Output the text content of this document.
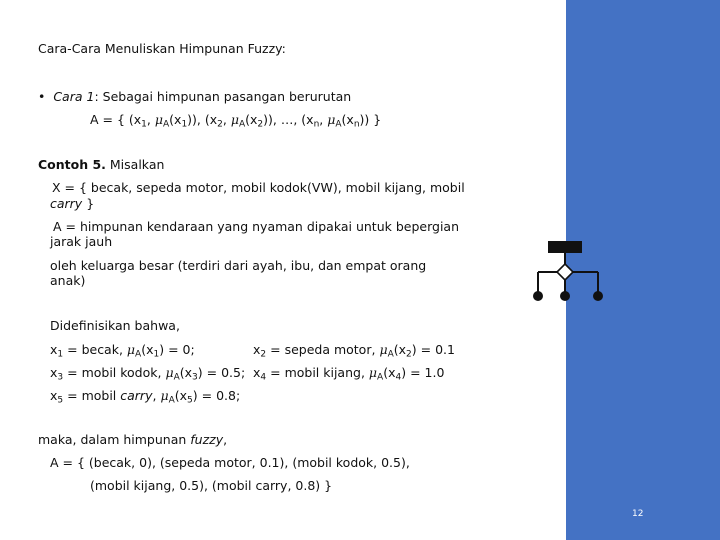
12
Cara-Cara Menuliskan Himpunan Fuzzy:
• Cara 1: Sebagai himpunan pasangan berurutan
A = { ($x_1$, $\mu_A(x_1)$), ($x_2$, $\mu_A(x_2)$), …, ($x_n$, $\mu_A(x_n)$) }
Contoh 5. Misalkan
X = { becak, sepeda motor, mobil kodok(VW), mobil kijang, mobil
carry }
A = himpunan kendaraan yang nyaman dipakai untuk bepergian
jarak jauh
oleh keluarga besar (terdiri dari ayah, ibu, dan empat orang
anak)
Didefinisikan bahwa,
$x_1$ = becak, $\mu_A(x_1) = 0$;	$x_2$ = sepeda motor, $\mu_A(x_2) = 0.1$
$x_3$ = mobil kodok, $\mu_A(x_3) = 0.5$; $x_4$ = mobil kijang, $\mu_A(x_4) = 1.0$
$x_5$ = mobil carry, $\mu_A(x_5) = 0.8$;
maka, dalam himpunan fuzzy,
A = { (becak, 0), (sepeda motor, 0.1), (mobil kodok, 0.5),
(mobil kijang, 0.5), (mobil carry, 0.8) }
